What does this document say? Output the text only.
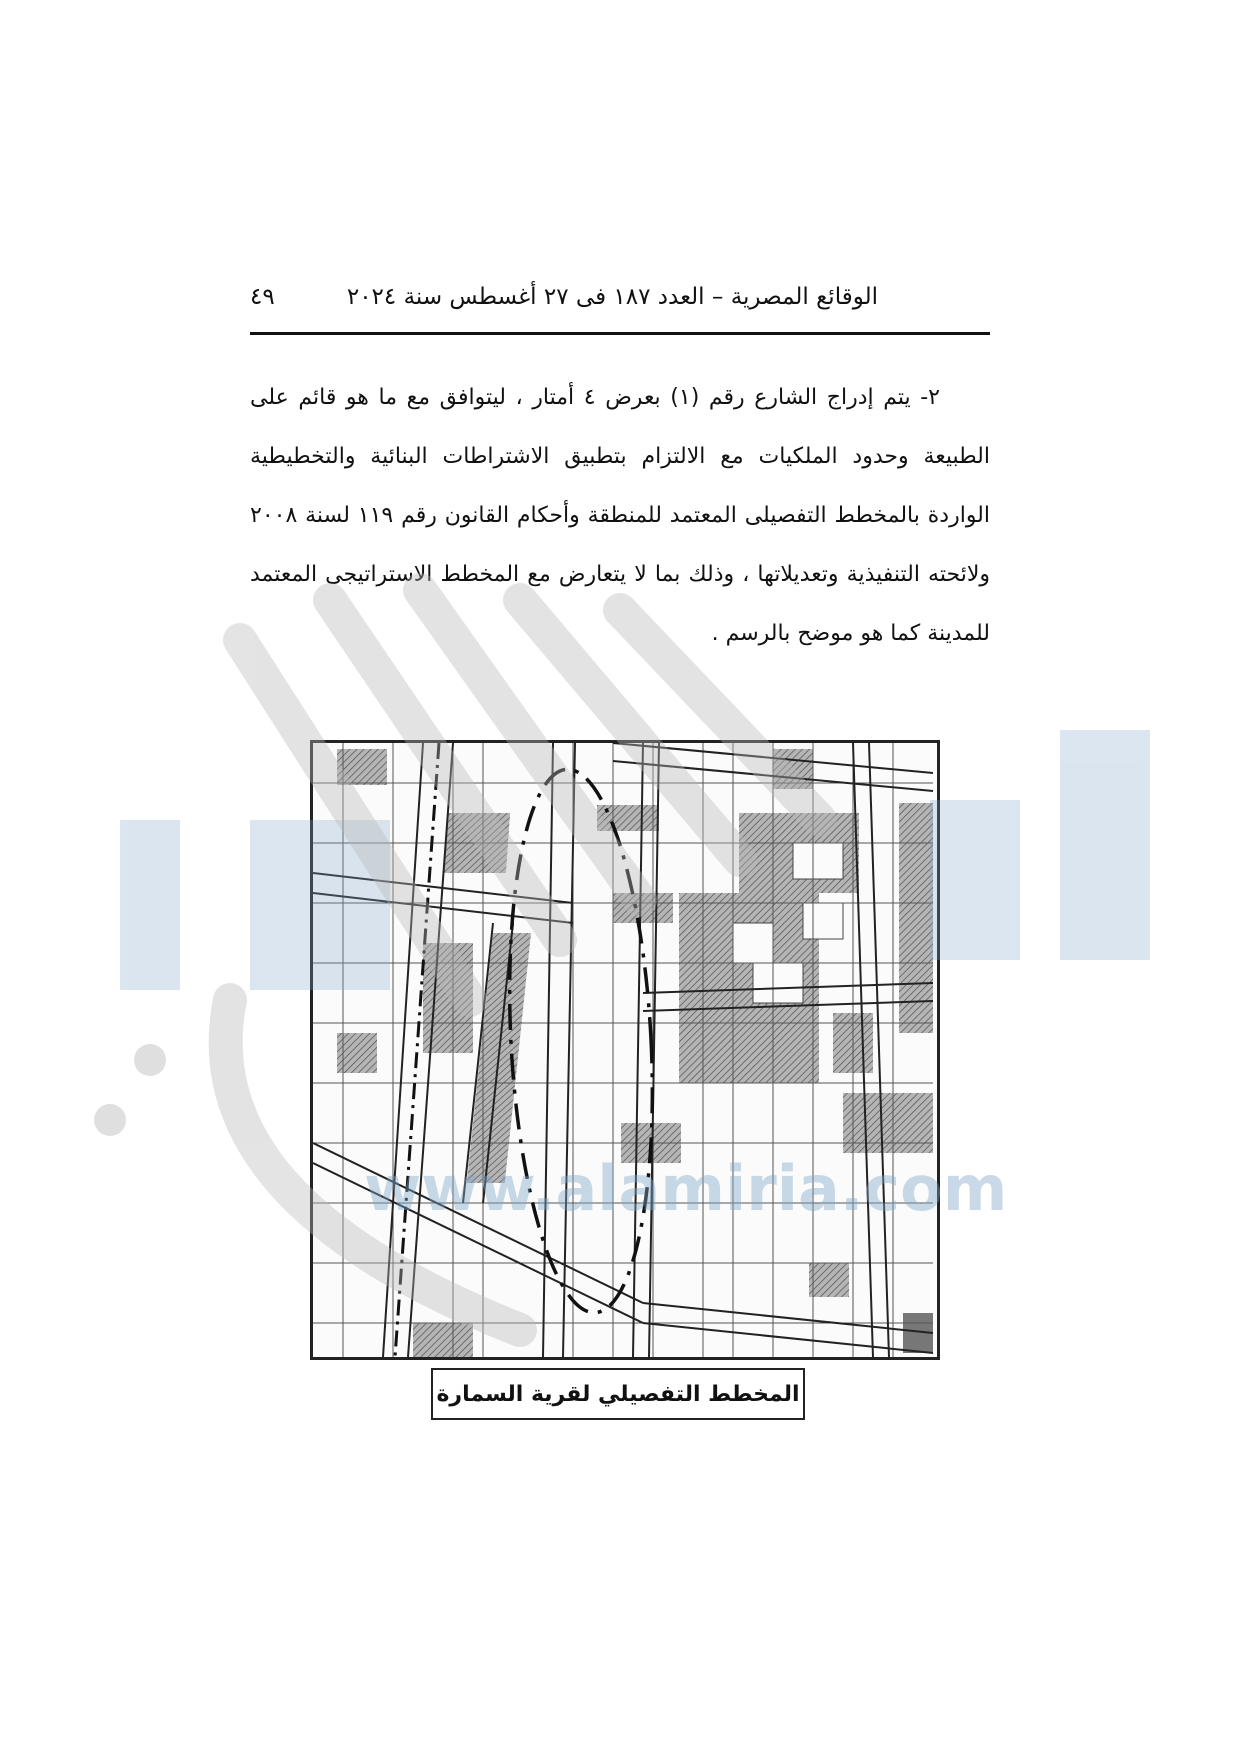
الوقائع المصرية – العدد ١٨٧ فى ٢٧ أغسطس سنة ٢٠٢٤
٤٩

٢- يتم إدراج الشارع رقم (١) بعرض ٤ أمتار ، ليتوافق مع ما هو قائم على الطبيعة وحدود الملكيات مع الالتزام بتطبيق الاشتراطات البنائية والتخطيطية الواردة بالمخطط التفصيلى المعتمد للمنطقة وأحكام القانون رقم ١١٩ لسنة ٢٠٠٨ ولائحته التنفيذية وتعديلاتها ، وذلك بما لا يتعارض مع المخطط الاستراتيجى المعتمد للمدينة كما هو موضح بالرسم .

المخطط التفصيلي لقرية السمارة
www.alamiria.com
